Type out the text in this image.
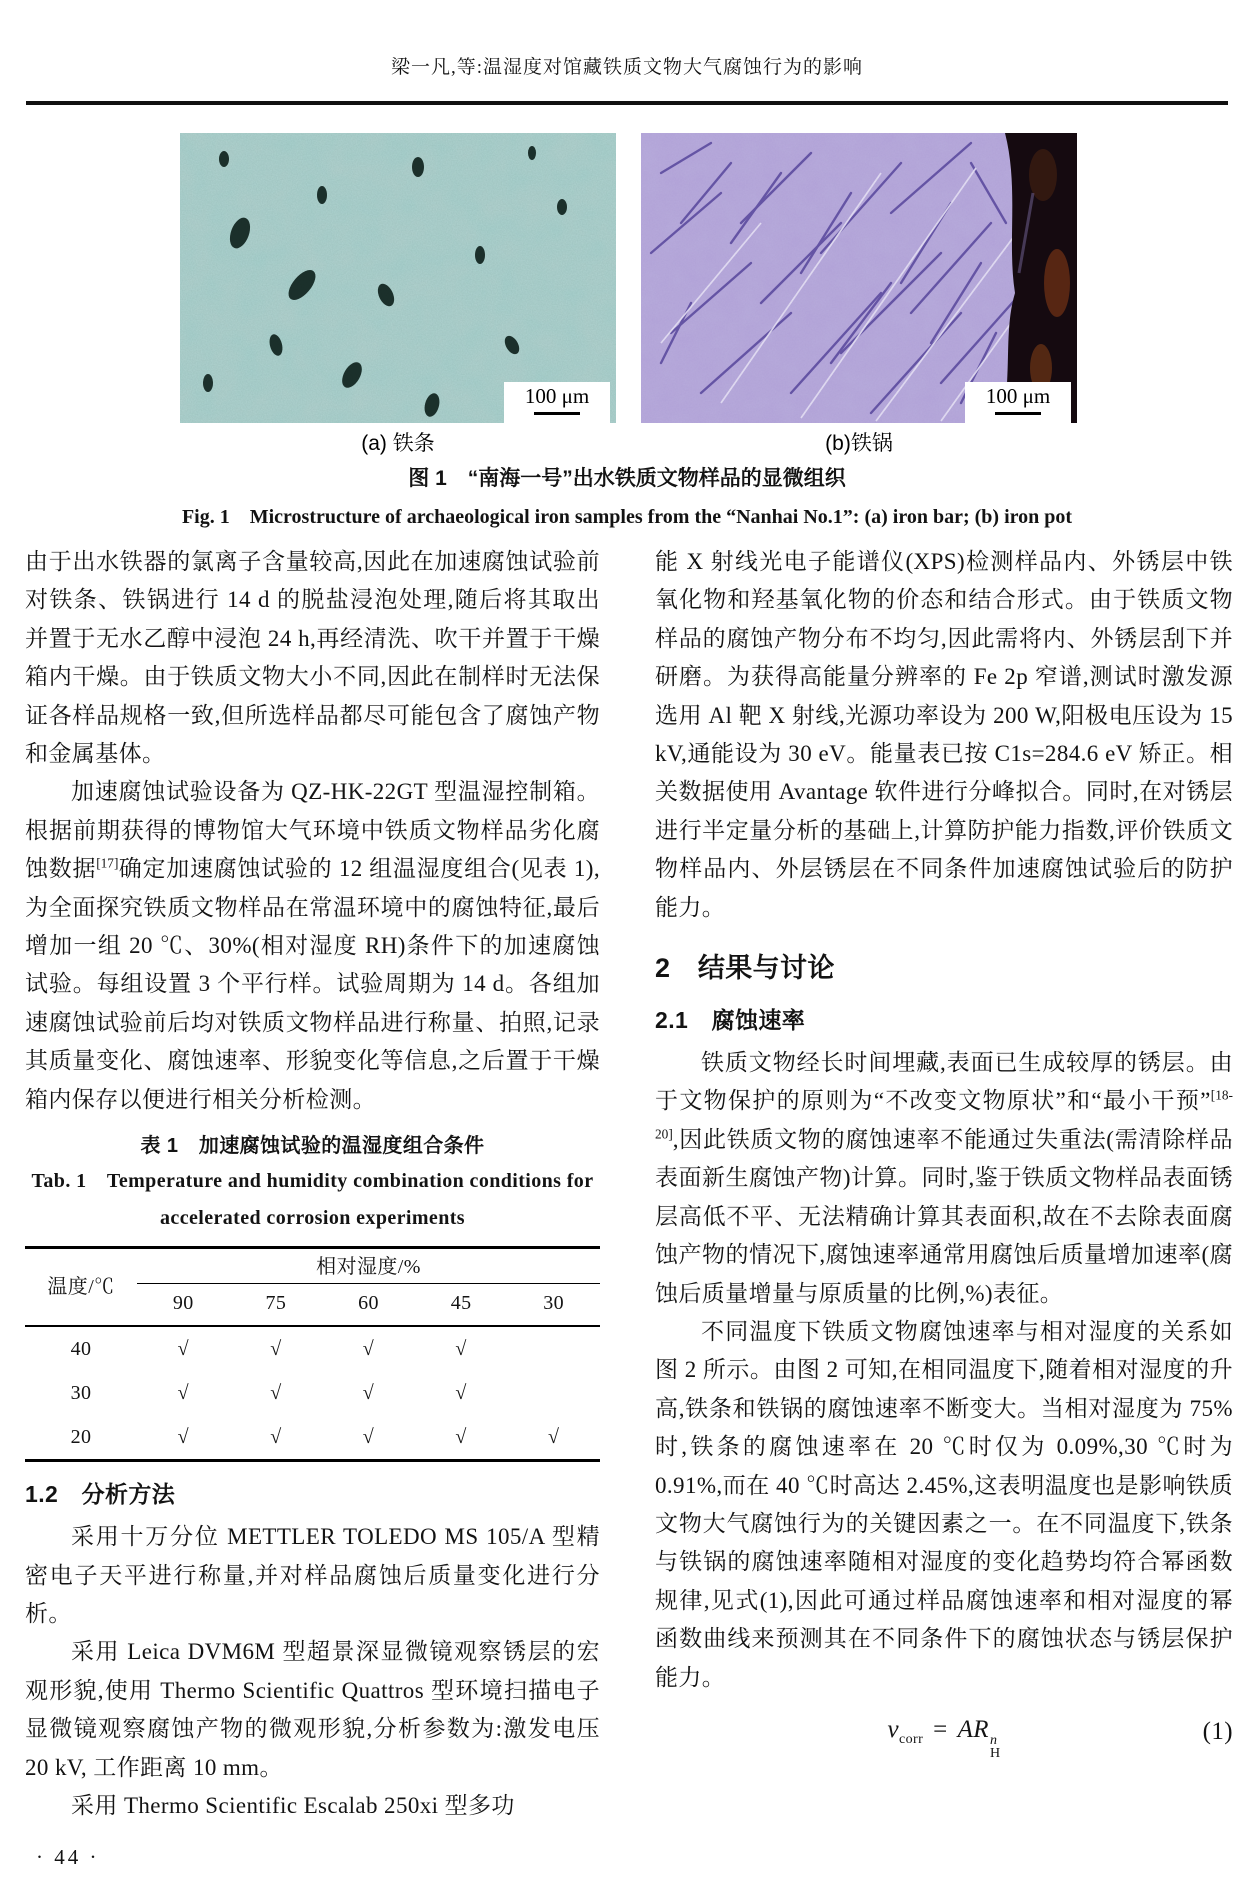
梁一凡,等:温湿度对馆藏铁质文物大气腐蚀行为的影响
100 μm	100 μm
(a) 铁条	(b)铁锅
图 1　“南海一号”出水铁质文物样品的显微组织
Fig. 1　Microstructure of archaeological iron samples from the “Nanhai No.1”: (a) iron bar; (b) iron pot

由于出水铁器的氯离子含量较高,因此在加速腐蚀试验前对铁条、铁锅进行 14 d 的脱盐浸泡处理,随后将其取出并置于无水乙醇中浸泡 24 h,再经清洗、吹干并置于干燥箱内干燥。由于铁质文物大小不同,因此在制样时无法保证各样品规格一致,但所选样品都尽可能包含了腐蚀产物和金属基体。

加速腐蚀试验设备为 QZ-HK-22GT 型温湿控制箱。根据前期获得的博物馆大气环境中铁质文物样品劣化腐蚀数据[17]确定加速腐蚀试验的 12 组温湿度组合(见表 1),为全面探究铁质文物样品在常温环境中的腐蚀特征,最后增加一组 20 ℃、30%(相对湿度 RH)条件下的加速腐蚀试验。每组设置 3 个平行样。试验周期为 14 d。各组加速腐蚀试验前后均对铁质文物样品进行称量、拍照,记录其质量变化、腐蚀速率、形貌变化等信息,之后置于干燥箱内保存以便进行相关分析检测。

表 1　加速腐蚀试验的温湿度组合条件
Tab. 1　Temperature and humidity combination conditions for
accelerated corrosion experiments
温度/℃
相对湿度/%
90	75	60	45	30
40	√	√	√	√
30	√	√	√	√
20	√	√	√	√	√
1.2　分析方法

采用十万分位 METTLER TOLEDO MS 105/A 型精密电子天平进行称量,并对样品腐蚀后质量变化进行分析。

采用 Leica DVM6M 型超景深显微镜观察锈层的宏观形貌,使用 Thermo Scientific Quattros 型环境扫描电子显微镜观察腐蚀产物的微观形貌,分析参数为:激发电压 20 kV, 工作距离 10 mm。

采用 Thermo Scientific Escalab 250xi 型多功

能 X 射线光电子能谱仪(XPS)检测样品内、外锈层中铁氧化物和羟基氧化物的价态和结合形式。由于铁质文物样品的腐蚀产物分布不均匀,因此需将内、外锈层刮下并研磨。为获得高能量分辨率的 Fe 2p 窄谱,测试时激发源选用 Al 靶 X 射线,光源功率设为 200 W,阳极电压设为 15 kV,通能设为 30 eV。能量表已按 C1s=284.6 eV 矫正。相关数据使用 Avantage 软件进行分峰拟合。同时,在对锈层进行半定量分析的基础上,计算防护能力指数,评价铁质文物样品内、外层锈层在不同条件加速腐蚀试验后的防护能力。

2　结果与讨论
2.1　腐蚀速率

铁质文物经长时间埋藏,表面已生成较厚的锈层。由于文物保护的原则为“不改变文物原状”和“最小干预”[18-20],因此铁质文物的腐蚀速率不能通过失重法(需清除样品表面新生腐蚀产物)计算。同时,鉴于铁质文物样品表面锈层高低不平、无法精确计算其表面积,故在不去除表面腐蚀产物的情况下,腐蚀速率通常用腐蚀后质量增加速率(腐蚀后质量增量与原质量的比例,%)表征。

不同温度下铁质文物腐蚀速率与相对湿度的关系如图 2 所示。由图 2 可知,在相同温度下,随着相对湿度的升高,铁条和铁锅的腐蚀速率不断变大。当相对湿度为 75%时,铁条的腐蚀速率在 20 ℃时仅为 0.09%,30 ℃时为 0.91%,而在 40 ℃时高达 2.45%,这表明温度也是影响铁质文物大气腐蚀行为的关键因素之一。在不同温度下,铁条与铁锅的腐蚀速率随相对湿度的变化趋势均符合幂函数规律,见式(1),因此可通过样品腐蚀速率和相对湿度的幂函数曲线来预测其在不同条件下的腐蚀状态与锈层保护能力。

$v_{corr}$ = AR n
H
(1)
· 44 ·
